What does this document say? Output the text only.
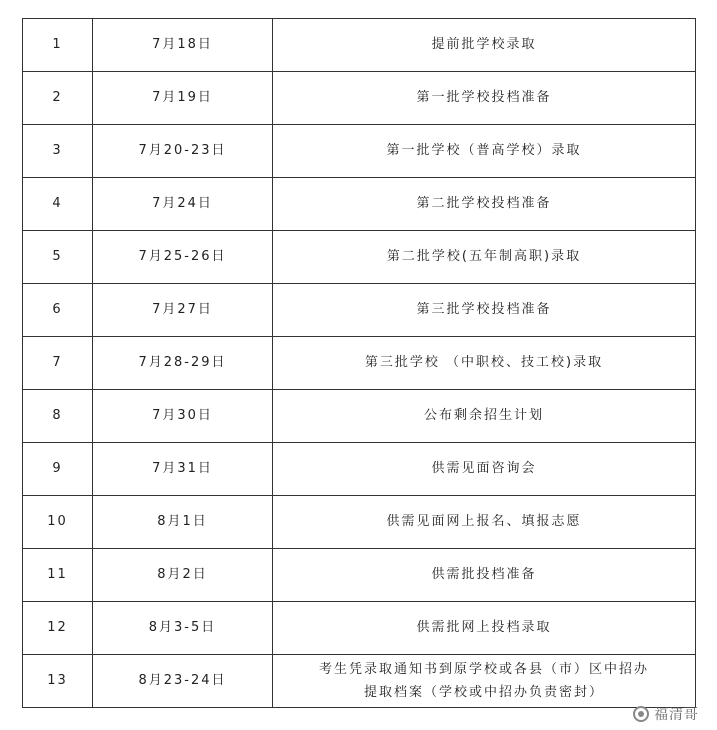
1	7月18日	提前批学校录取
2	7月19日	第一批学校投档准备
3	7月20-23日	第一批学校（普高学校）录取
4	7月24日	第二批学校投档准备
5	7月25-26日	第二批学校(五年制高职)录取
6	7月27日	第三批学校投档准备
7	7月28-29日	第三批学校 （中职校、技工校)录取
8	7月30日	公布剩余招生计划
9	7月31日	供需见面咨询会
10	8月1日	供需见面网上报名、填报志愿
11	8月2日	供需批投档准备
12	8月3-5日	供需批网上投档录取
13	8月23-24日	考生凭录取通知书到原学校或各县（市）区中招办
提取档案（学校或中招办负责密封）
福清哥
